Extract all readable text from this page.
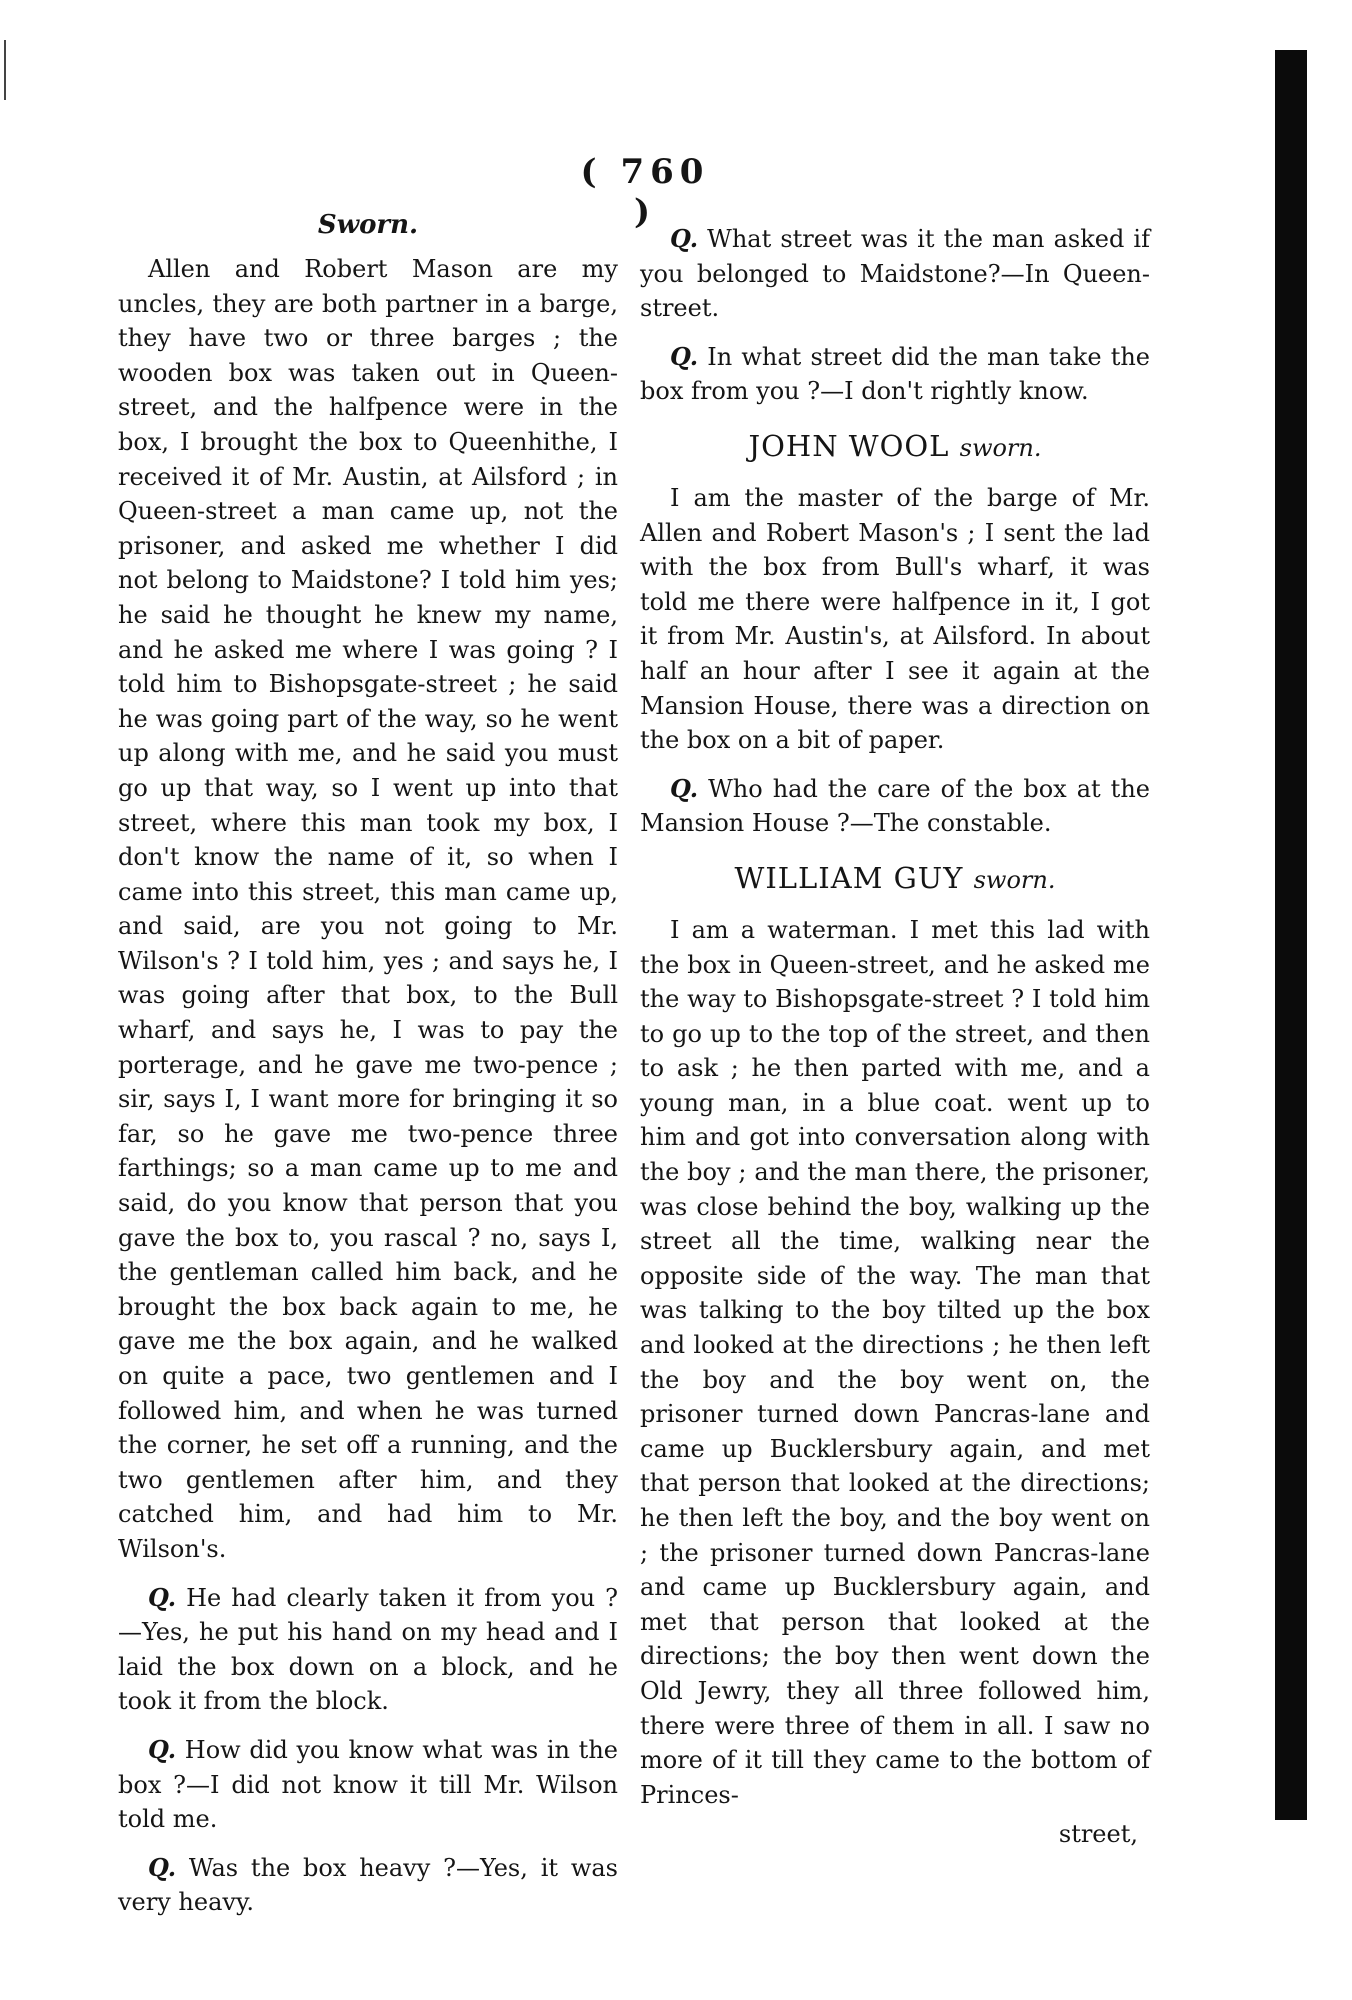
( 760 )
Sworn.

Allen and Robert Mason are my uncles, they are both partner in a barge, they have two or three barges ; the wooden box was taken out in Queen-street, and the halfpence were in the box, I brought the box to Queenhithe, I received it of Mr. Austin, at Ailsford ; in Queen-street a man came up, not the prisoner, and asked me whether I did not belong to Maidstone? I told him yes; he said he thought he knew my name, and he asked me where I was going ? I told him to Bishopsgate-street ; he said he was going part of the way, so he went up along with me, and he said you must go up that way, so I went up into that street, where this man took my box, I don't know the name of it, so when I came into this street, this man came up, and said, are you not going to Mr. Wilson's ? I told him, yes ; and says he, I was going after that box, to the Bull wharf, and says he, I was to pay the porterage, and he gave me two-pence ; sir, says I, I want more for bringing it so far, so he gave me two-pence three farthings; so a man came up to me and said, do you know that person that you gave the box to, you rascal ? no, says I, the gentleman called him back, and he brought the box back again to me, he gave me the box again, and he walked on quite a pace, two gentlemen and I followed him, and when he was turned the corner, he set off a running, and the two gentlemen after him, and they catched him, and had him to Mr. Wilson's.

Q. He had clearly taken it from you ?—Yes, he put his hand on my head and I laid the box down on a block, and he took it from the block.

Q. How did you know what was in the box ?—I did not know it till Mr. Wilson told me.

Q. Was the box heavy ?—Yes, it was very heavy.

Q. What street was it the man asked if you belonged to Maidstone?—In Queen-street.

Q. In what street did the man take the box from you ?—I don't rightly know.

JOHN WOOL sworn.

I am the master of the barge of Mr. Allen and Robert Mason's ; I sent the lad with the box from Bull's wharf, it was told me there were halfpence in it, I got it from Mr. Austin's, at Ailsford. In about half an hour after I see it again at the Mansion House, there was a direction on the box on a bit of paper.

Q. Who had the care of the box at the Mansion House ?—The constable.

WILLIAM GUY sworn.

I am a waterman. I met this lad with the box in Queen-street, and he asked me the way to Bishopsgate-street ? I told him to go up to the top of the street, and then to ask ; he then parted with me, and a young man, in a blue coat. went up to him and got into conversation along with the boy ; and the man there, the prisoner, was close behind the boy, walking up the street all the time, walking near the opposite side of the way. The man that was talking to the boy tilted up the box and looked at the directions ; he then left the boy and the boy went on, the prisoner turned down Pancras-lane and came up Bucklersbury again, and met that person that looked at the directions; he then left the boy, and the boy went on ; the prisoner turned down Pancras-lane and came up Bucklersbury again, and met that person that looked at the directions; the boy then went down the Old Jewry, they all three followed him, there were three of them in all. I saw no more of it till they came to the bottom of Princes-

street,
